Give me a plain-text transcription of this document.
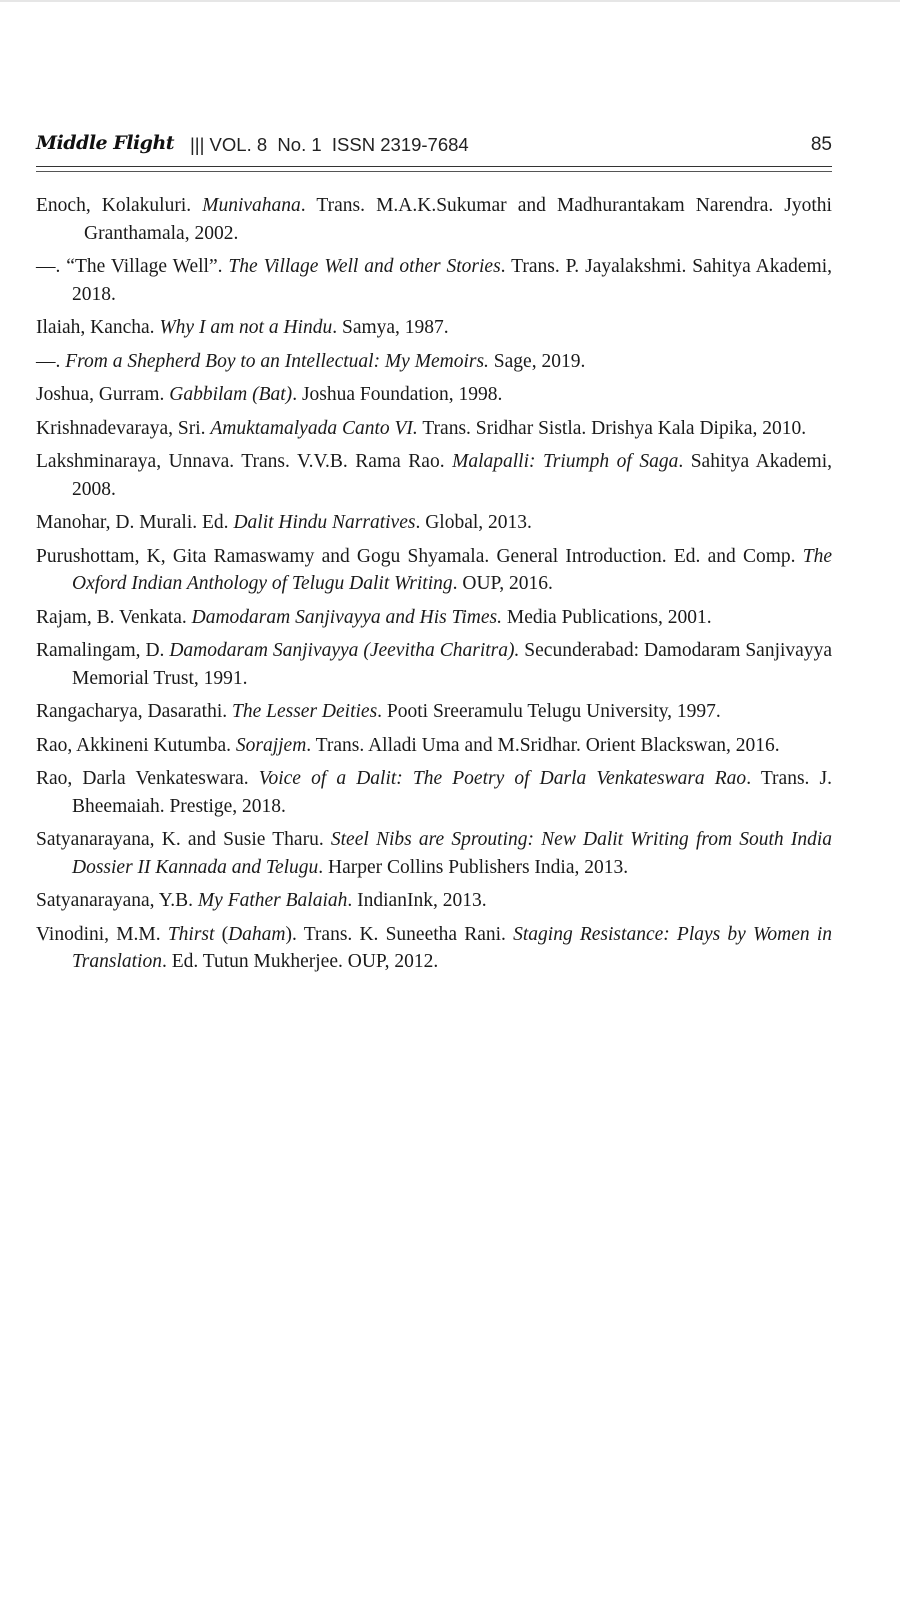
Middle Flight ||| VOL. 8  No. 1  ISSN 2319-7684	85

Enoch, Kolakuluri. Munivahana. Trans. M.A.K.Sukumar and Madhurantakam Narendra. Jyothi Granthamala, 2002.

—. “The Village Well”. The Village Well and other Stories. Trans. P. Jayalakshmi. Sahitya Akademi, 2018.

Ilaiah, Kancha. Why I am not a Hindu. Samya, 1987.

—. From a Shepherd Boy to an Intellectual: My Memoirs. Sage, 2019.

Joshua, Gurram. Gabbilam (Bat). Joshua Foundation, 1998.

Krishnadevaraya, Sri. Amuktamalyada Canto VI. Trans. Sridhar Sistla. Drishya Kala Dipika, 2010.

Lakshminaraya, Unnava. Trans. V.V.B. Rama Rao. Malapalli: Triumph of Saga. Sahitya Akademi, 2008.

Manohar, D. Murali. Ed. Dalit Hindu Narratives. Global, 2013.

Purushottam, K, Gita Ramaswamy and Gogu Shyamala. General Introduction. Ed. and Comp. The Oxford Indian Anthology of Telugu Dalit Writing. OUP, 2016.

Rajam, B. Venkata. Damodaram Sanjivayya and His Times. Media Publications, 2001.

Ramalingam, D. Damodaram Sanjivayya (Jeevitha Charitra). Secunderabad: Damodaram Sanjivayya Memorial Trust, 1991.

Rangacharya, Dasarathi. The Lesser Deities. Pooti Sreeramulu Telugu University, 1997.

Rao, Akkineni Kutumba. Sorajjem. Trans. Alladi Uma and M.Sridhar. Orient Blackswan, 2016.

Rao, Darla Venkateswara. Voice of a Dalit: The Poetry of Darla Venkateswara Rao. Trans. J. Bheemaiah. Prestige, 2018.

Satyanarayana, K. and Susie Tharu. Steel Nibs are Sprouting: New Dalit Writing from South India Dossier II Kannada and Telugu. Harper Collins Publishers India, 2013.

Satyanarayana, Y.B. My Father Balaiah. IndianInk, 2013.

Vinodini, M.M. Thirst (Daham). Trans. K. Suneetha Rani. Staging Resistance: Plays by Women in Translation. Ed. Tutun Mukherjee. OUP, 2012.
